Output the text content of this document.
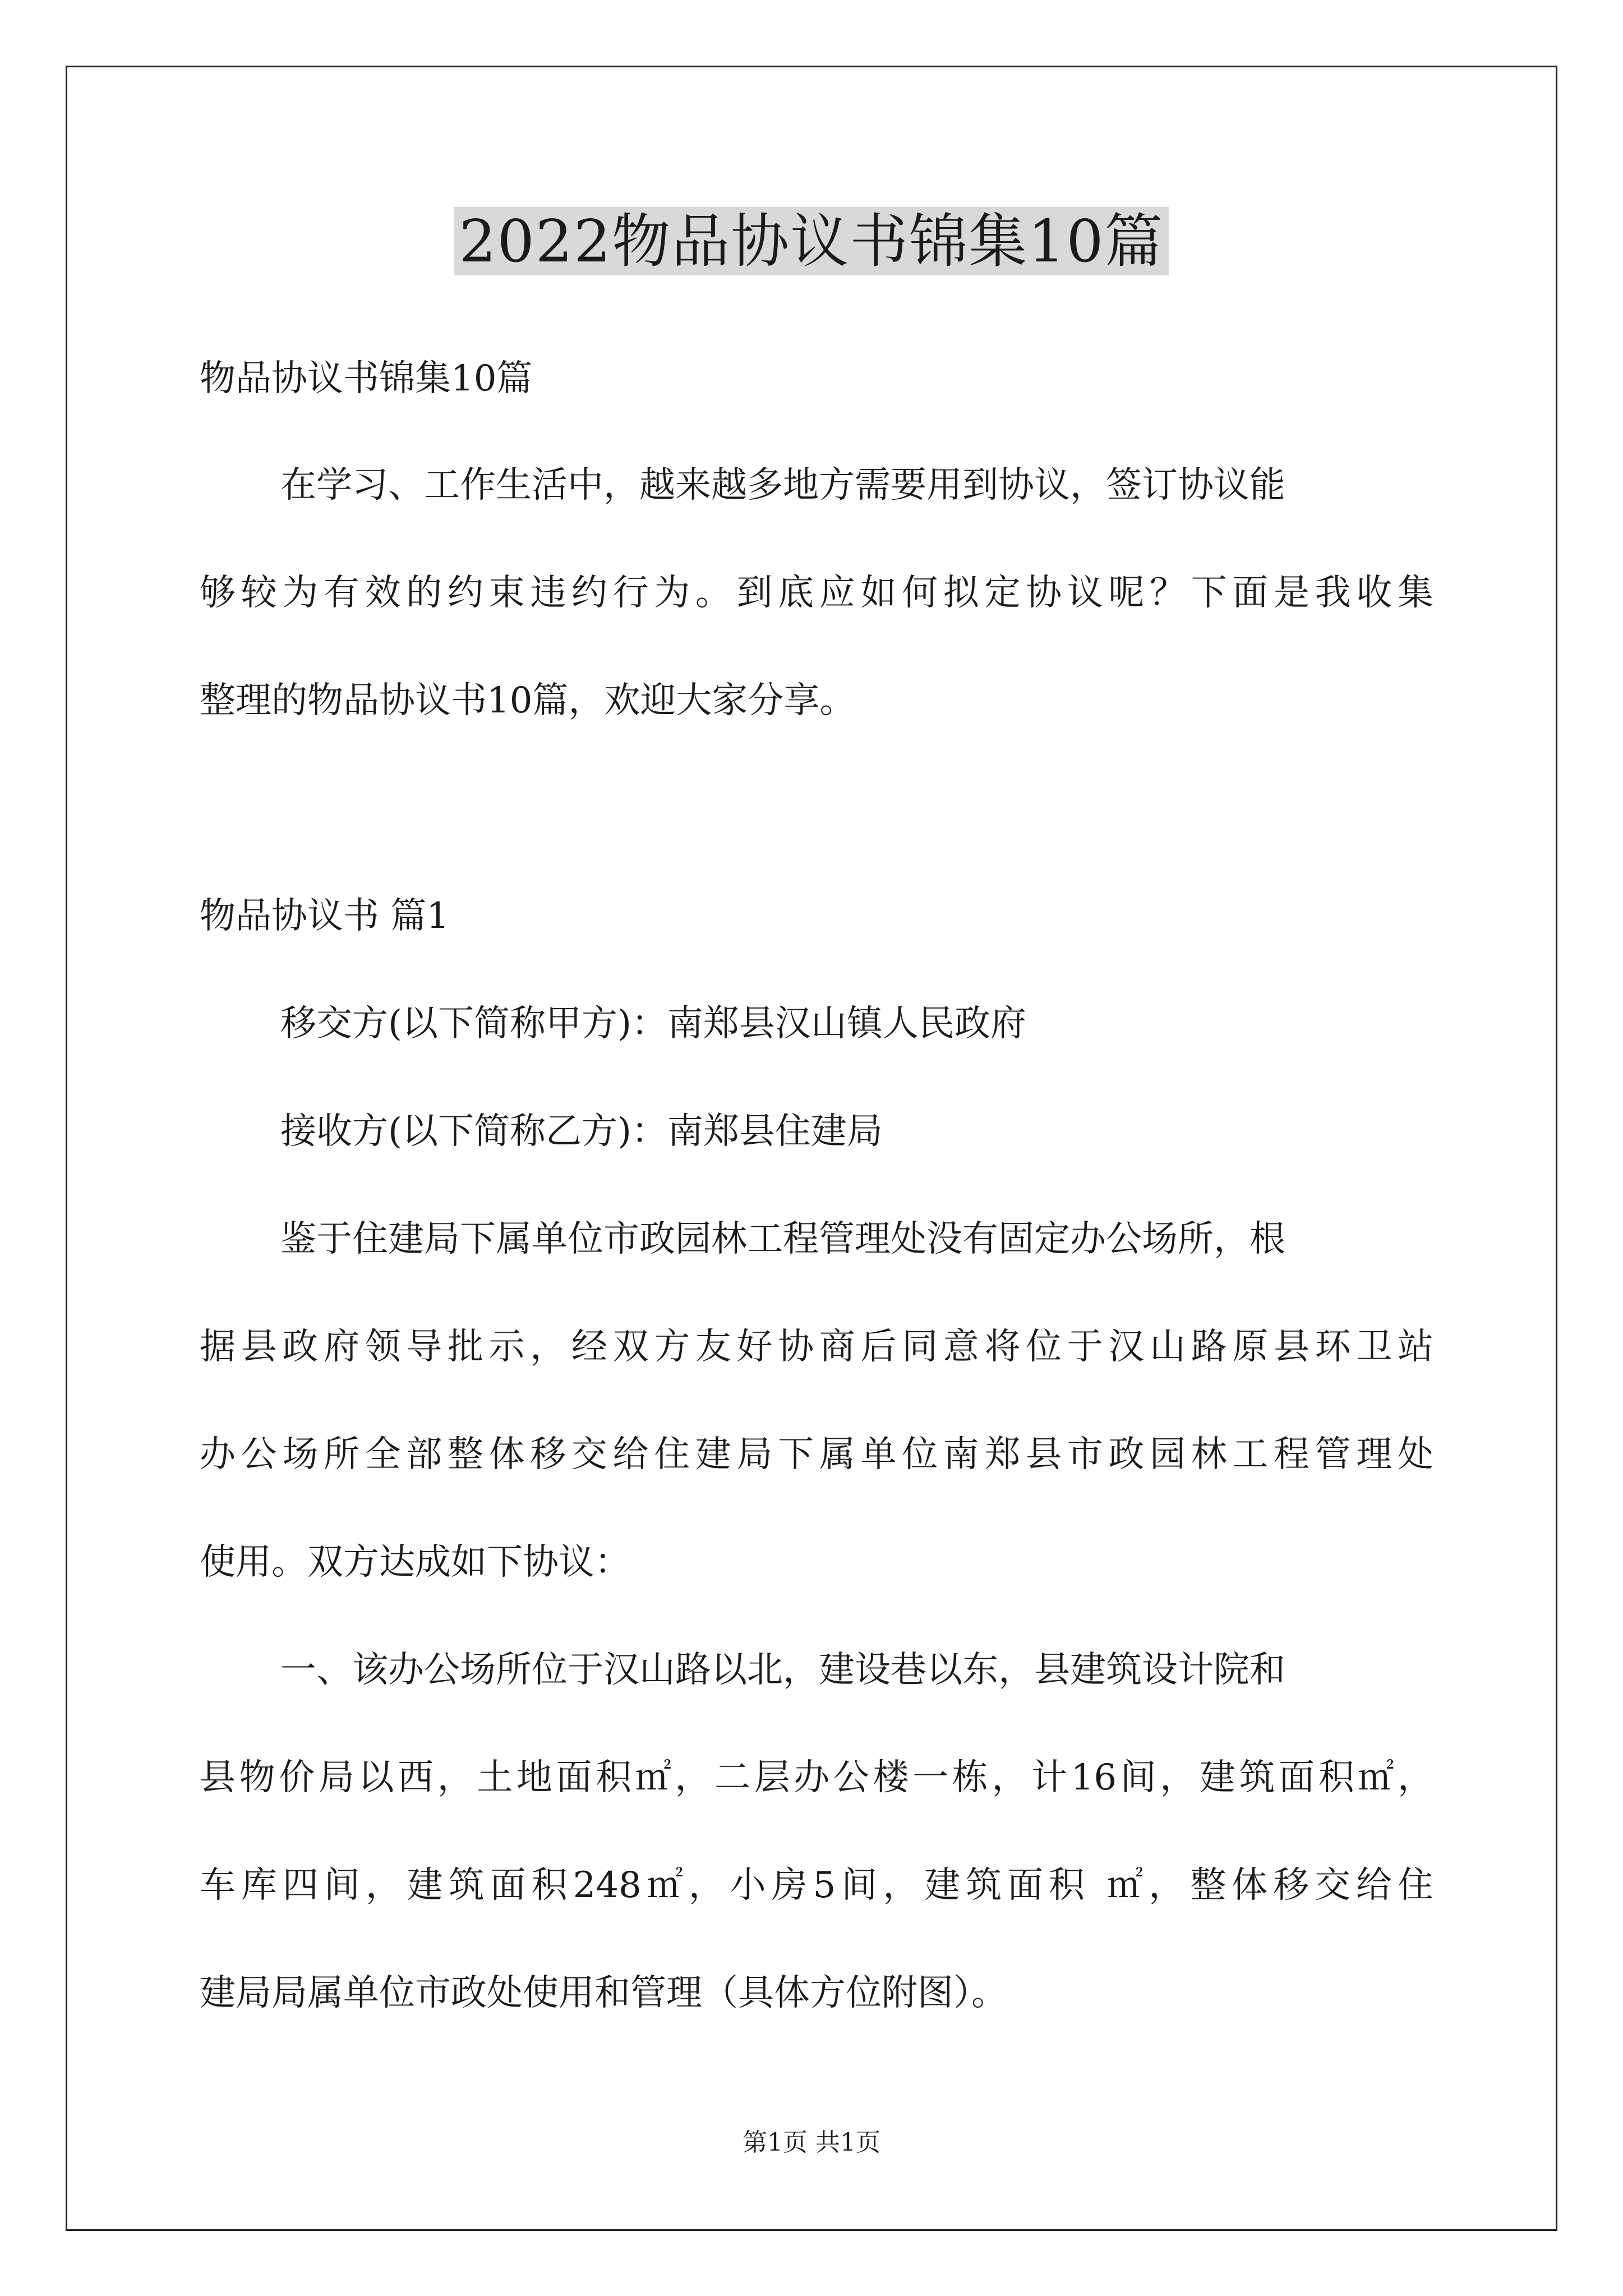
2022物品协议书锦集10篇
物品协议书锦集10篇
在学习、工作生活中，越来越多地方需要用到协议，签订协议能
够较为有效的约束违约行为。到底应如何拟定协议呢？下面是我收集
整理的物品协议书10篇，欢迎大家分享。
物品协议书 篇1
移交方(以下简称甲方)：南郑县汉山镇人民政府
接收方(以下简称乙方)：南郑县住建局
鉴于住建局下属单位市政园林工程管理处没有固定办公场所，根
据县政府领导批示，经双方友好协商后同意将位于汉山路原县环卫站
办公场所全部整体移交给住建局下属单位南郑县市政园林工程管理处
使用。双方达成如下协议：
一、该办公场所位于汉山路以北，建设巷以东，县建筑设计院和
县物价局以西，土地面积㎡，二层办公楼一栋，计16间，建筑面积㎡，
车库四间，建筑面积248㎡，小房5间，建筑面积 ㎡，整体移交给住
建局局属单位市政处使用和管理（具体方位附图）。
第1页 共1页
